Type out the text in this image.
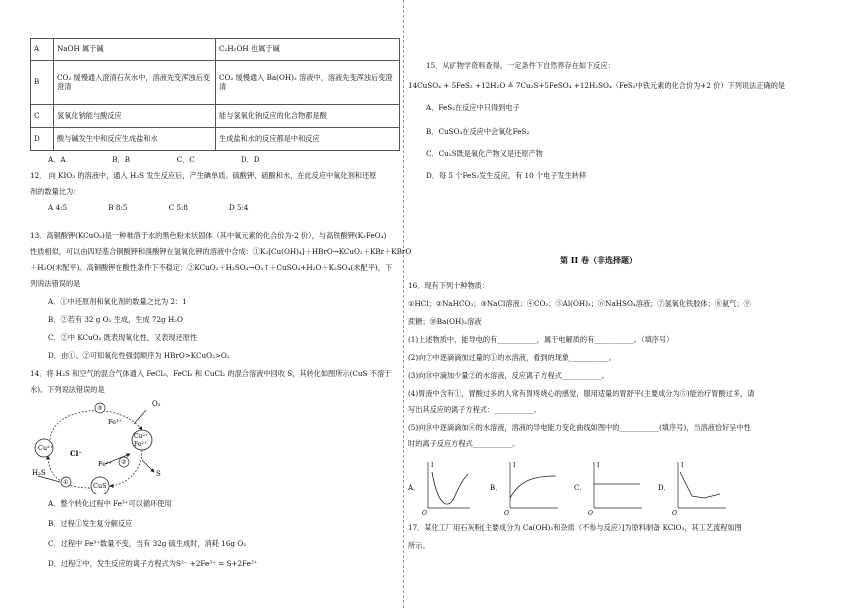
A	NaOH 属于碱	C₂H₅OH 也属于碱
B	CO₂ 缓慢通入澄清石灰水中，溶液先变浑浊后变澄清	CO₂ 缓慢通入 Ba(OH)₂ 溶液中，溶液先变浑浊后变澄清
C	氢氧化钠能与酸反应	能与氢氧化钠反应的化合物都是酸
D	酸与碱发生中和反应生成盐和水	生成盐和水的反应都是中和反应
A．A	B．B	C．C	D．D
12． 向 KIO₃ 的溶液中，通入 H₂S 发生反应后，产生碘单质、硫酸钾、硫酸和水，在此反应中氧化剂和还原
剂的数量比为：
A 4:5	B 8:5	C 5:8	D 5:4
13．高铜酸钾(KCuO₂)是一种难溶于水的黑色粉末状固体（其中氧元素的化合价为-2 价），与高铁酸钾(K₂FeO₄)
性质相似，可以由四羟基合铜酸钾和溴酸钾在氢氧化钾的溶液中合成：①K₂[Cu(OH)₄]＋HBrO→KCuO₂＋KBr＋KBrO
＋H₂O(未配平)。高铜酸钾在酸性条件下不稳定：②KCuO₂＋H₂SO₄→O₂↑＋CuSO₄+H₂O＋K₂SO₄(未配平)，下
列说法错误的是
A．①中还原剂和氧化剂的数量之比为 2：1
B．②若有 32 g O₂ 生成，生成 72g H₂O
C．②中 KCuO₂ 既表现氧化性，又表现还原性
D．由①、②可知氧化性强弱顺序为 HBrO>KCuO₂>O₂
14．将 H₂S 和空气的混合气体通入 FeCl₃、FeCl₂ 和 CuCl₂ 的混合溶液中回收 S，其转化如图所示(CuS 不溶于
水)。下列说法错误的是
O₂
③
②
①
Fe³⁺
Fe²⁺
Cu²⁺
Cl⁻
Cu²⁺
Fe²⁺
H₂S
CuS
S
A．整个转化过程中 Fe³⁺可以循环使用
B．过程①发生复分解反应
C．过程中 Fe³⁺数量不变，当有 32g 硫生成时，消耗 16g O₂
D．过程②中，发生反应的离子方程式为S²⁻ +2Fe³⁺ = S+2Fe²⁺
15．从矿物学资料查得，一定条件下自然界存在如下反应：
14CuSO₄ + 5FeS₂ +12H₂O ≜ 7Cu₂S+5FeSO₄ +12H₂SO₄（FeS₂中铁元素的化合价为+2 价）下列说法正确的是
A．FeS₂在反应中只得到电子
B．CuSO₄在反应中会氧化FeS₂
C．Cu₂S既是氧化产物又是还原产物
D．每 5 个FeS₂发生反应，有 10 个电子发生转移
第 II 卷（非选择题）
16．现有下列十种物质：
①HCl；②NaHCO₃；③NaCl溶液；④CO₂；⑤Al(OH)₃；⑥NaHSO₄溶液；⑦氢氧化铁胶体；⑧氨气；⑨
蔗糖；⑩Ba(OH)₂溶液
(1)上述物质中，能导电的有___________，属于电解质的有___________。（填序号）
(2)向⑦中逐滴滴加过量的①的水溶液，看到的现象___________。
(3)向⑩中滴加少量②的水溶液，反应离子方程式___________。
(4)胃液中含有①，胃酸过多的人常有胃疼烧心的感觉，服用适量的胃舒平(主要成分为⑤)能治疗胃酸过多，请
写出其反应的离子方程式：___________。
(5)向⑩中逐滴滴加⑥的水溶液，溶液的导电能力变化曲线如图中的___________(填序号)，当溶液恰好呈中性
时的离子反应方程式___________。
A．
I
O
B．
I
O
C．
I
O
D．
I
O
17．某化工厂用石灰粉[主要成分为 Ca(OH)₂和杂质（不参与反应）]为原料制备 KClO₃，其工艺流程如图
所示。
